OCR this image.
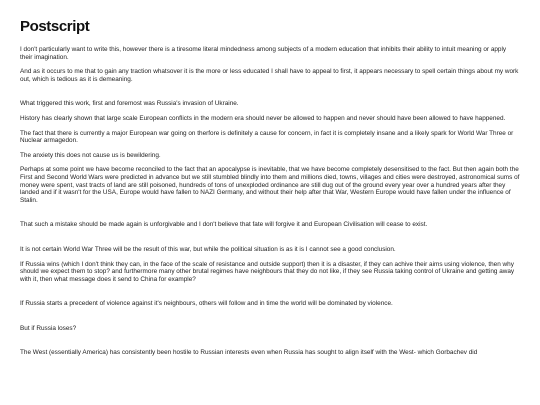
Postscript

I don't particularly want to write this, however there is a tiresome literal mindedness among subjects of a modern education that inhibits their ability to intuit meaning or apply their imagination.

And as it occurs to me that to gain any traction whatsover it is the more or less educated I shall have to appeal to first, it appears necessary to spell certain things about my work out, which is tedious as it is demeaning.

What triggered this work, first and foremost was Russia's invasion of Ukraine.

History has clearly shown that large scale European conflicts in the modern era should never be allowed to happen and never should have been allowed to have happened.

The fact that there is currently a major European war going on therfore is definitely a cause for concern, in fact it is completely insane and a likely spark for World War Three or Nuclear armagedon.

The anxiety this does not cause us is bewildering.

Perhaps at some point we have become reconciled to the fact that an apocalypse is inevitable, that we have become completely desensitised to the fact. But then again both the First and Second World Wars were predicted in advance but we still stumbled blindly into them and millions died, towns, villages and cities were destroyed, astronomical sums of money were spent, vast tracts of land are still poisoned, hundreds of tons of unexploded ordinance are still dug out of the ground every year over a hundred years after they landed and if it wasn't for the USA, Europe would have fallen to NAZI Germany, and without their help after that War, Western Europe would have fallen under the influence of Stalin.

That such a mistake should be made again is unforgivable and I don't believe that fate will forgive it and European Civilisation will cease to exist.

It is not certain World War Three will be the result of this war, but while the political situation is as it is I cannot see a good conclusion.

If Russia wins (which I don't think they can, in the face of the scale of resistance and outside support) then it is a disaster, if they can achive their aims using violence, then why should we expect them to stop? and furthermore many other brutal regimes have neighbours that they do not like, if they see Russia taking control of Ukraine and getting away with it, then what message does it send to China for example?

If Russia starts a precedent of violence against it's neighbours, others will follow and in time the world will be dominated by violence.

But if Russia loses?

The West (essentially America) has consistently been hostile to Russian interests even when Russia has sought to align itself with the West- which Gorbachev did
